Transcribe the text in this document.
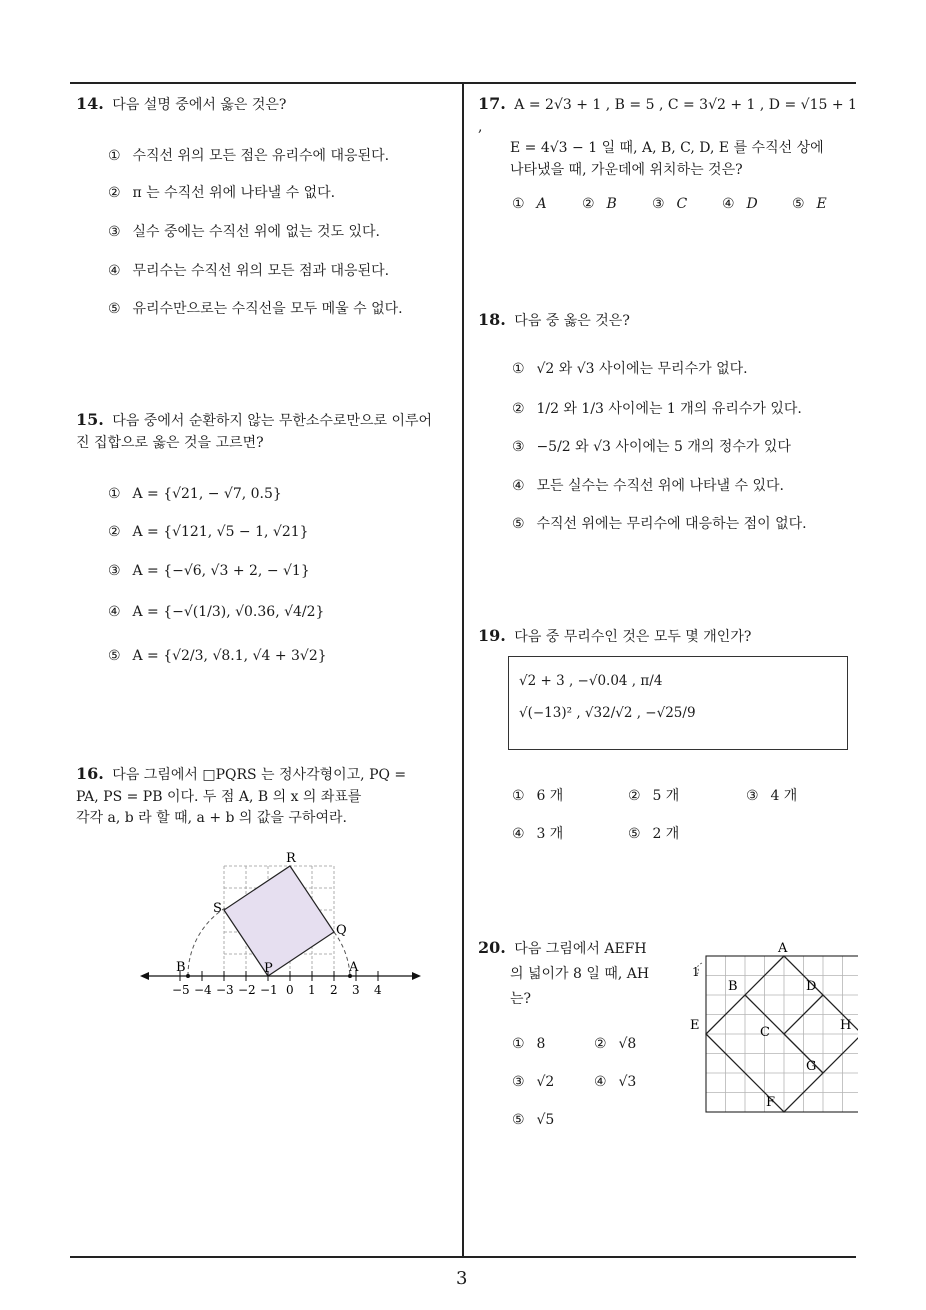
3
14. 다음 설명 중에서 옳은 것은?
① 수직선 위의 모든 점은 유리수에 대응된다.
② π 는 수직선 위에 나타낼 수 없다.
③ 실수 중에는 수직선 위에 없는 것도 있다.
④ 무리수는 수직선 위의 모든 점과 대응된다.
⑤ 유리수만으로는 수직선을 모두 메울 수 없다.
15. 다음 중에서 순환하지 않는 무한소수로만으로 이루어
진 집합으로 옳은 것을 고르면?
① A = {√21, − √7, 0.5}
② A = {√121, √5 − 1, √21}
③ A = {−√6, √3 + 2, − √1}
④ A = {−√(1/3), √0.36, √4/2}
⑤ A = {√2/3, √8.1, √4 + 3√2}
16. 다음 그림에서 □PQRS 는 정사각형이고, PQ =
PA, PS = PB 이다. 두 점 A, B 의 x 의 좌표를
각각 a, b 라 할 때, a + b 의 값을 구하여라.
R
S
Q
P
B	A
−5 −4 −3 −2 −1 0 1 2 3 4
17. A = 2√3 + 1 , B = 5 , C = 3√2 + 1 , D = √15 + 1 ,
E = 4√3 − 1 일 때, A, B, C, D, E 를 수직선 상에
나타냈을 때, 가운데에 위치하는 것은?
① A	② B	③ C ④ D ⑤ E
18. 다음 중 옳은 것은?
① √2 와 √3 사이에는 무리수가 없다.
② 1/2 와 1/3 사이에는 1 개의 유리수가 있다.
③ −5/2 와 √3 사이에는 5 개의 정수가 있다
④ 모든 실수는 수직선 위에 나타낼 수 있다.
⑤ 수직선 위에는 무리수에 대응하는 점이 없다.
19. 다음 중 무리수인 것은 모두 몇 개인가?
√2 + 3 , −√0.04 , π/4
√(−13)² , √32/√2 , −√25/9
① 6 개	② 5 개	③ 4 개
④ 3 개	⑤ 2 개
20. 다음 그림에서 AEFH
의 넓이가 8 일 때, AH
는?
A
1
B	D
E	C	H
G
F
① 8	② √8
③ √2	④ √3
⑤ √5
